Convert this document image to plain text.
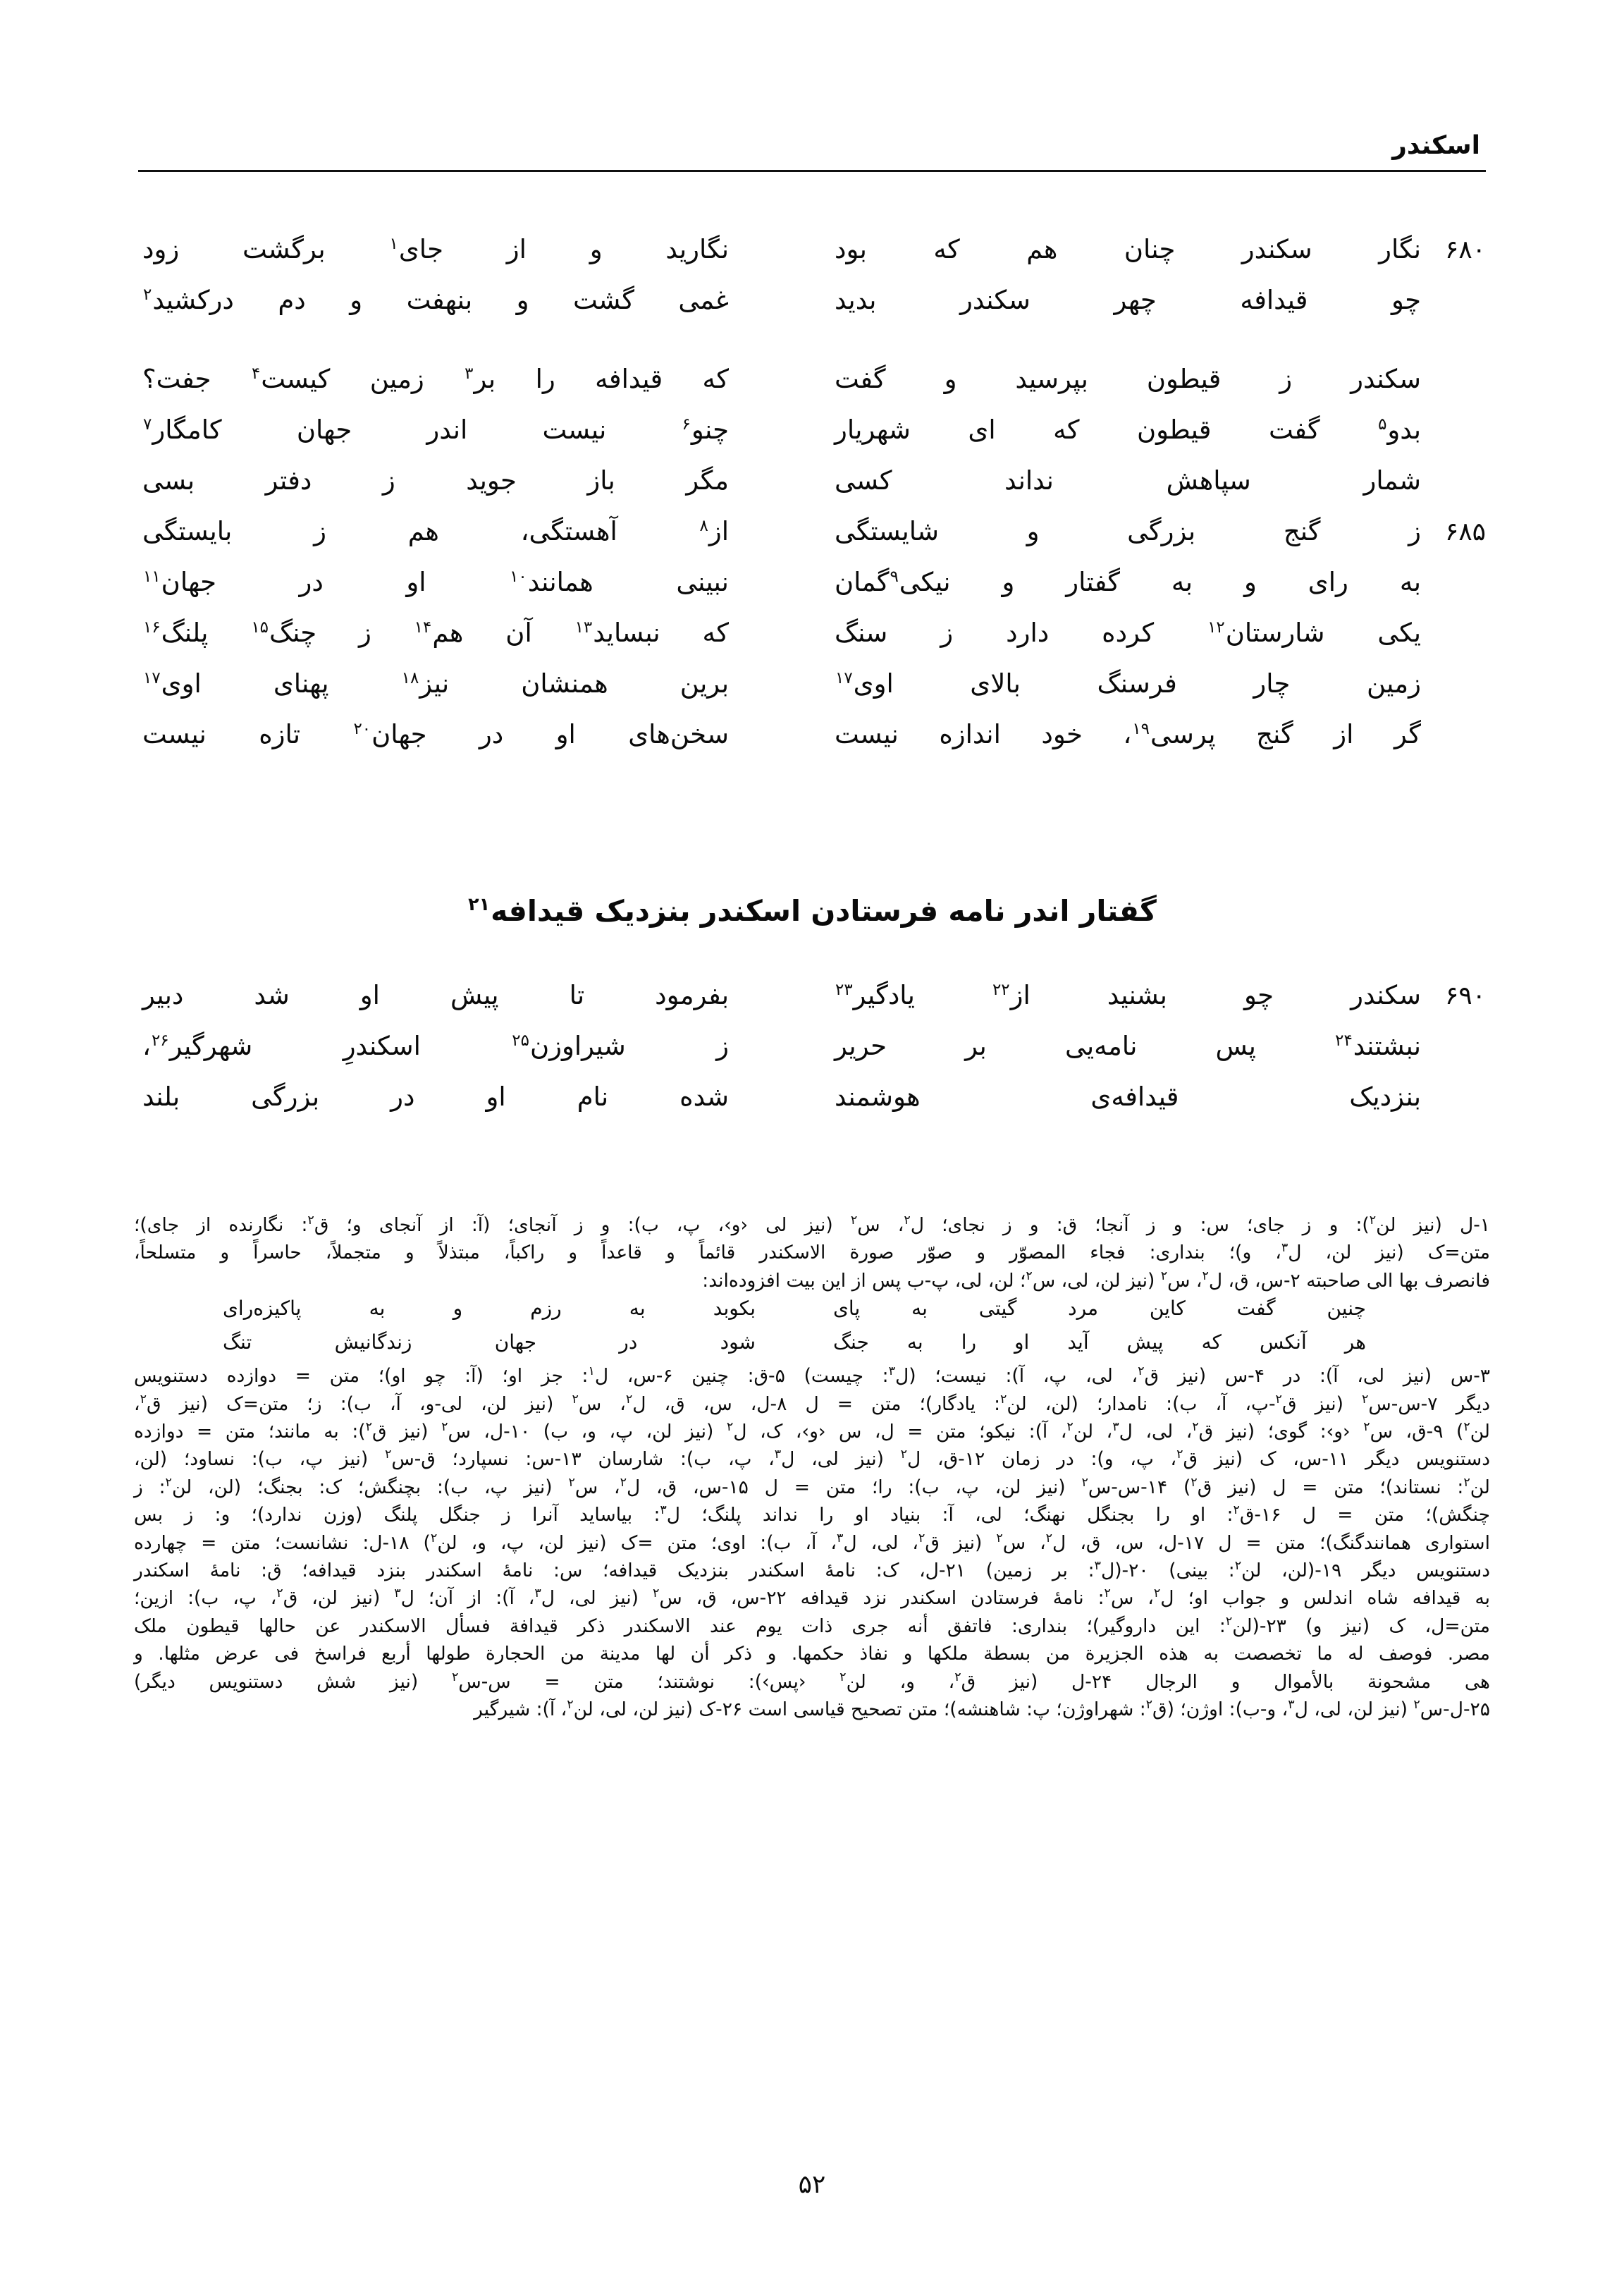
اسکندر
۶۸۰
نگار سکندر چنان هم که بود
نگارید و از جای$^۱$ برگشت زود
چو قیدافه چهر سکندر بدید
غمی گشت و بنهفت و دم درکشید$^۲$
سکندر ز قیطون بپرسید و گفت
که قیدافه را بر$^۳$ زمین کیست$^۴$ جفت؟
بدو$^۵$ گفت قیطون که ای شهریار
چنو$^۶$ نیست اندر جهان کامگار$^۷$
شمار سپاهش نداند کسی
مگر باز جوید ز دفتر بسی
۶۸۵
ز گنج بزرگی و شایستگی
از$^۸$ آهستگی، هم ز بایستگی
به رای و به گفتار و نیکی$^۹$گمان
نبینی همانند$^{۱۰}$ او در جهان$^{۱۱}$
یکی شارستان$^{۱۲}$ کرده دارد ز سنگ
که نبساید$^{۱۳}$ آن هم$^{۱۴}$ ز چنگ$^{۱۵}$ پلنگ$^{۱۶}$
زمین چار فرسنگ بالای اوی$^{۱۷}$
برین همنشان نیز$^{۱۸}$ پهنای اوی$^{۱۷}$
گر از گنج پرسی$^{۱۹}$، خود اندازه نیست
سخن‌های او در جهان$^{۲۰}$ تازه نیست
گفتار اندر نامه فرستادن اسکندر بنزدیک قیدافه$^{۲۱}$
۶۹۰
سکندر چو بشنید از$^{۲۲}$ یادگیر$^{۲۳}$
بفرمود تا پیش او شد دبیر
نبشتند$^{۲۴}$ پس نامه‌یی بر حریر
ز شیراوزن$^{۲۵}$ اسکندرِ شهرگیر$^{۲۶}$،
بنزدیک قیدافه‌ی هوشمند
شده نام او در بزرگی بلند
۱-ل (نیز لن$^۲$): و ز جای؛ س: و ز آنجا؛ ق: و ز نجای؛ ل$^۲$، س$^۲$ (نیز لی ‹و›، پ، ب): و ز آنجای؛ (آ: از آنجای و؛ ق$^۲$: نگارنده از جای)؛
متن=ک (نیز لن، ل$^۳$، و)؛ بنداری: فجاء المصوّر و صوّر صورة الاسکندر قائماً و قاعداً و راکباً، مبتذلاً و متجملاً، حاسراً و متسلحاً،
فانصرف بها الی صاحبته ۲-س، ق، ل$^۲$، س$^۲$ (نیز لن، لی، س$^۲$؛ لن، لی، پ-ب پس از این بیت افزوده‌اند:
چنین گفت کاین مرد گیتی به پای
بکوبد به رزم و به پاکیزه‌رای
هر آنکس که پیش آید او را به جنگ
شود در جهان زندگانیش تنگ
۳-س (نیز لی، آ): در ۴-س (نیز ق$^۲$، لی، پ، آ): نیست؛ (ل$^۳$: چیست) ۵-ق: چنین ۶-س، ل$^۱$: جز او؛ (آ: چو او)؛ متن = دوازده دستنویس
دیگر ۷-س-س$^۲$ (نیز ق$^۲$-پ، آ، ب): نامدار؛ (لن، لن$^۲$: یادگار)؛ متن = ل ۸-ل، س، ق، ل$^۲$، س$^۲$ (نیز لن، لی-و، آ، ب): ز؛ متن=ک (نیز ق$^۲$،
لن$^۲$) ۹-ق، س$^۲$ ‹و›: گوی؛ (نیز ق$^۲$، لی، ل$^۳$، لن$^۲$، آ): نیکو؛ متن = ل، س ‹و›، ک، ل$^۲$ (نیز لن، پ، و، ب) ۱۰-ل، س$^۲$ (نیز ق$^۲$): به مانند؛ متن = دوازده
دستنویس دیگر ۱۱-س، ک (نیز ق$^۲$، پ، و): در زمان ۱۲-ق، ل$^۲$ (نیز لی، ل$^۳$، پ، ب): شارسان ۱۳-س: نسپارد؛ ق-س$^۲$ (نیز پ، ب): نساود؛ (لن،
لن$^۲$: نستاند)؛ متن = ل (نیز ق$^۲$) ۱۴-س-س$^۲$ (نیز لن، پ، ب): را؛ متن = ل ۱۵-س، ق، ل$^۲$، س$^۲$ (نیز پ، ب): بچنگش؛ ک: بجنگ؛ (لن، لن$^۲$: ز
چنگش)؛ متن = ل ۱۶-ق$^۲$: او را بجنگل نهنگ؛ لی، آ: بنیاد او را نداند پلنگ؛ ل$^۳$: بیاساید آنرا ز جنگل پلنگ (وزن ندارد)؛ و: ز بس
استواری همانندگنگ)؛ متن = ل ۱۷-ل، س، ق، ل$^۲$، س$^۲$ (نیز ق$^۲$، لی، ل$^۳$، آ، ب): اوی؛ متن =ک (نیز لن، پ، و، لن$^۲$) ۱۸-ل: نشانست؛ متن = چهارده
دستنویس دیگر ۱۹-(لن، لن$^۲$: بینی) ۲۰-(ل$^۳$: بر زمین) ۲۱-ل، ک: نامهٔ اسکندر بنزدیک قیدافه؛ س: نامهٔ اسکندر بنزد قیدافه؛ ق: نامهٔ اسکندر
به قیدافه شاه اندلس و جواب او؛ ل$^۲$، س$^۲$: نامهٔ فرستادن اسکندر نزد قیدافه ۲۲-س، ق، س$^۲$ (نیز لی، ل$^۳$، آ): از آن؛ ل$^۳$ (نیز لن، ق$^۲$، پ، ب): ازین؛
متن=ل، ک (نیز و) ۲۳-(لن$^۲$: این داروگیر)؛ بنداری: فاتفق أنه جری ذات یوم عند الاسکندر ذکر قیدافة فسأل الاسکندر عن حالها قیطون ملک
مصر. فوصف له ما تخصصت به هذه الجزیرة من بسطة ملکها و نفاذ حکمها. و ذکر أن لها مدینة من الحجارة طولها أربع فراسخ فی عرض مثلها. و
هی مشحونة بالأموال و الرجال ۲۴-ل (نیز ق$^۲$، و، لن$^۲$ ‹پس›): نوشتند؛ متن = س-س$^۲$ (نیز شش دستنویس دیگر)
۲۵-ل-س$^۲$ (نیز لن، لی، ل$^۳$، و-ب): اوژن؛ (ق$^۲$: شهراوژن؛ پ: شاهنشه)؛ متن تصحیح قیاسی است ۲۶-ک (نیز لن، لی، لن$^۲$، آ): شیرگیر
۵۲
